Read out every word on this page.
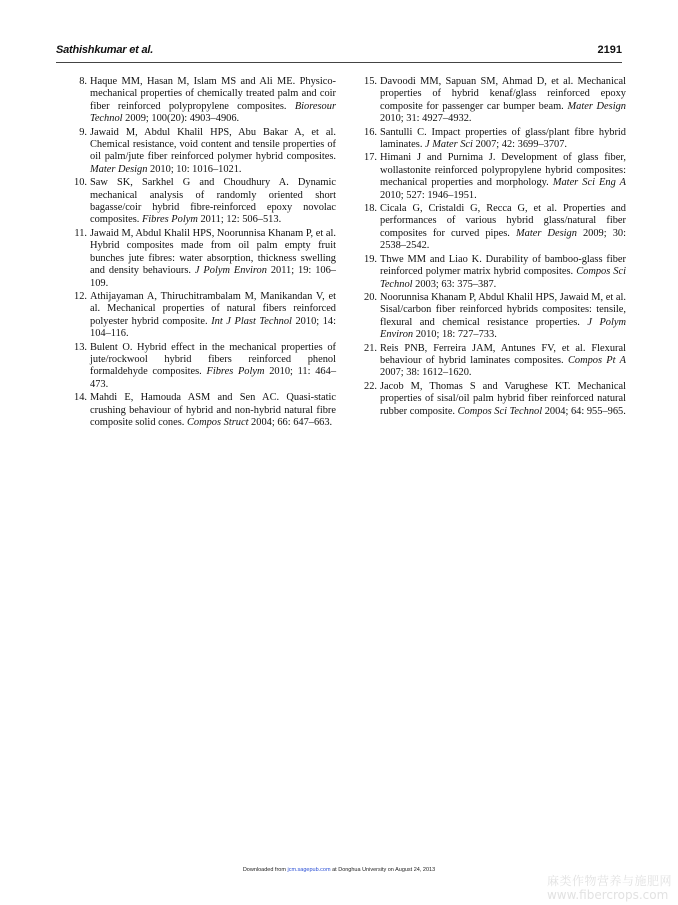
Sathishkumar et al.	2191
8. Haque MM, Hasan M, Islam MS and Ali ME. Physico-mechanical properties of chemically treated palm and coir fiber reinforced polypropylene composites. Bioresour Technol 2009; 100(20): 4903–4906.
9. Jawaid M, Abdul Khalil HPS, Abu Bakar A, et al. Chemical resistance, void content and tensile properties of oil palm/jute fiber reinforced polymer hybrid composites. Mater Design 2010; 10: 1016–1021.
10. Saw SK, Sarkhel G and Choudhury A. Dynamic mechanical analysis of randomly oriented short bagasse/coir hybrid fibre-reinforced epoxy novolac composites. Fibres Polym 2011; 12: 506–513.
11. Jawaid M, Abdul Khalil HPS, Noorunnisa Khanam P, et al. Hybrid composites made from oil palm empty fruit bunches jute fibres: water absorption, thickness swelling and density behaviours. J Polym Environ 2011; 19: 106–109.
12. Athijayaman A, Thiruchitrambalam M, Manikandan V, et al. Mechanical properties of natural fibers reinforced polyester hybrid composite. Int J Plast Technol 2010; 14: 104–116.
13. Bulent O. Hybrid effect in the mechanical properties of jute/rockwool hybrid fibers reinforced phenol formaldehyde composites. Fibres Polym 2010; 11: 464–473.
14. Mahdi E, Hamouda ASM and Sen AC. Quasi-static crushing behaviour of hybrid and non-hybrid natural fibre composite solid cones. Compos Struct 2004; 66: 647–663.
15. Davoodi MM, Sapuan SM, Ahmad D, et al. Mechanical properties of hybrid kenaf/glass reinforced epoxy composite for passenger car bumper beam. Mater Design 2010; 31: 4927–4932.
16. Santulli C. Impact properties of glass/plant fibre hybrid laminates. J Mater Sci 2007; 42: 3699–3707.
17. Himani J and Purnima J. Development of glass fiber, wollastonite reinforced polypropylene hybrid composites: mechanical properties and morphology. Mater Sci Eng A 2010; 527: 1946–1951.
18. Cicala G, Cristaldi G, Recca G, et al. Properties and performances of various hybrid glass/natural fiber composites for curved pipes. Mater Design 2009; 30: 2538–2542.
19. Thwe MM and Liao K. Durability of bamboo-glass fiber reinforced polymer matrix hybrid composites. Compos Sci Technol 2003; 63: 375–387.
20. Noorunnisa Khanam P, Abdul Khalil HPS, Jawaid M, et al. Sisal/carbon fiber reinforced hybrids composites: tensile, flexural and chemical resistance properties. J Polym Environ 2010; 18: 727–733.
21. Reis PNB, Ferreira JAM, Antunes FV, et al. Flexural behaviour of hybrid laminates composites. Compos Pt A 2007; 38: 1612–1620.
22. Jacob M, Thomas S and Varughese KT. Mechanical properties of sisal/oil palm hybrid fiber reinforced natural rubber composite. Compos Sci Technol 2004; 64: 955–965.
Downloaded from jcm.sagepub.com at Donghua University on August 24, 2013
麻类作物营养与施肥网
www.fibercrops.com
